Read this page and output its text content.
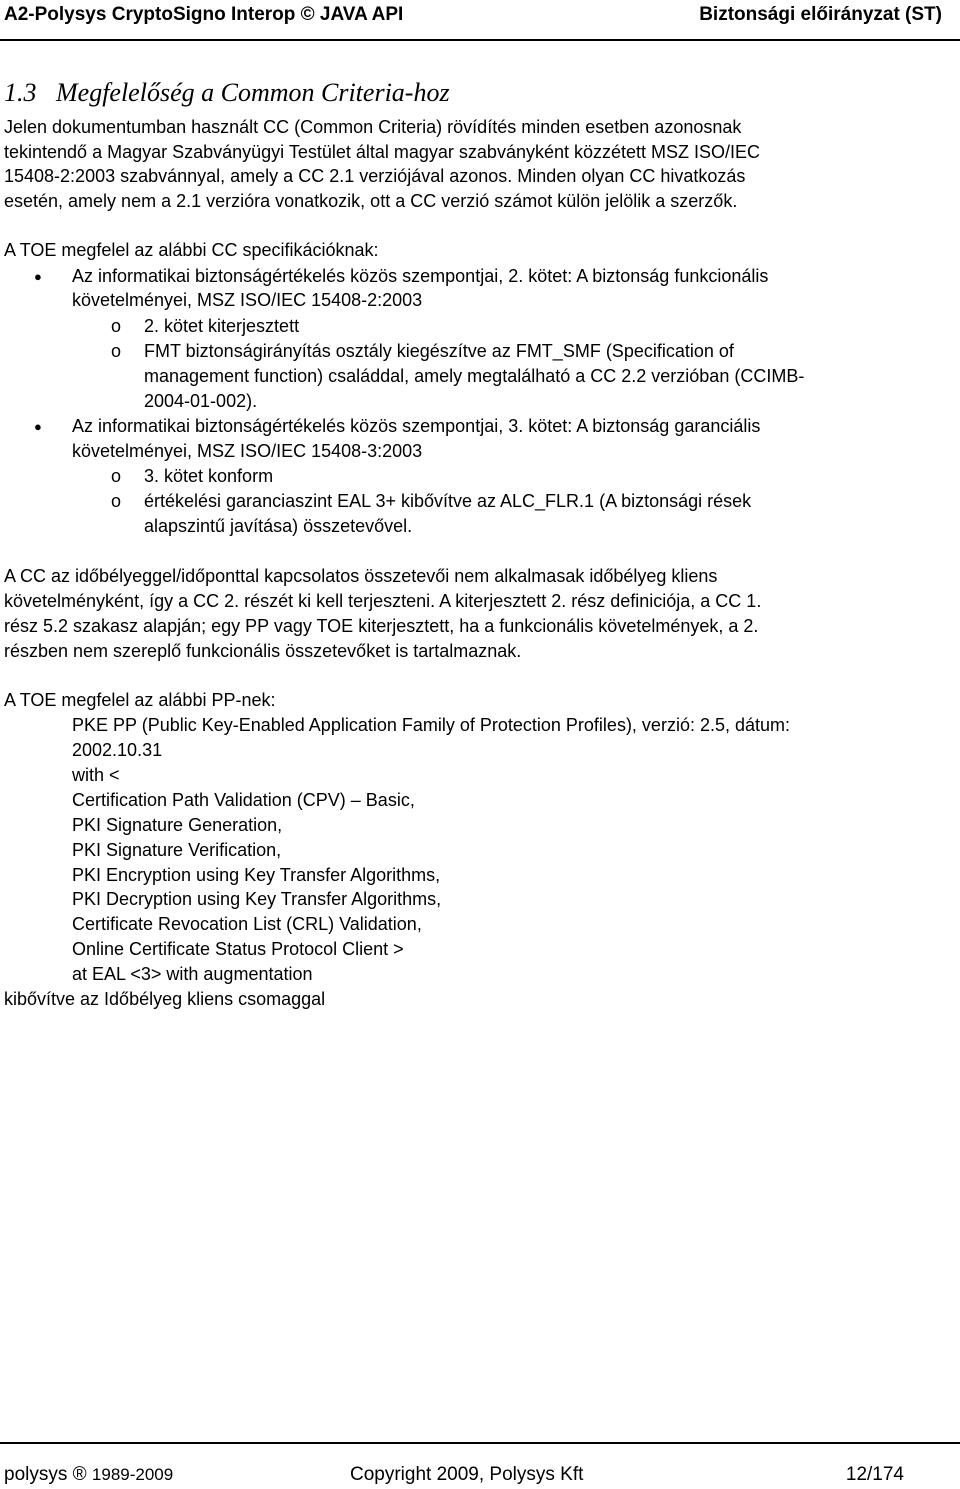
A2-Polysys CryptoSigno Interop © JAVA API	Biztonsági előirányzat (ST)
1.3 Megfelelőség a Common Criteria-hoz
Jelen dokumentumban használt CC (Common Criteria) rövídítés minden esetben azonosnak
tekintendő a Magyar Szabványügyi Testület által magyar szabványként közzétett MSZ ISO/IEC
15408-2:2003 szabvánnyal, amely a CC 2.1 verziójával azonos. Minden olyan CC hivatkozás
esetén, amely nem a 2.1 verzióra vonatkozik, ott a CC verzió számot külön jelölik a szerzők.
A TOE megfelel az alábbi CC specifikációknak:
● Az informatikai biztonságértékelés közös szempontjai, 2. kötet: A biztonság funkcionális
követelményei, MSZ ISO/IEC 15408-2:2003
o 2. kötet kiterjesztett
o FMT biztonságirányítás osztály kiegészítve az FMT_SMF (Specification of
management function) családdal, amely megtalálható a CC 2.2 verzióban (CCIMB-
2004-01-002).
● Az informatikai biztonságértékelés közös szempontjai, 3. kötet: A biztonság garanciális
követelményei, MSZ ISO/IEC 15408-3:2003
o 3. kötet konform
o értékelési garanciaszint EAL 3+ kibővítve az ALC_FLR.1 (A biztonsági rések
alapszintű javítása) összetevővel.
A CC az időbélyeggel/időponttal kapcsolatos összetevői nem alkalmasak időbélyeg kliens
követelményként, így a CC 2. részét ki kell terjeszteni. A kiterjesztett 2. rész definiciója, a CC 1.
rész 5.2 szakasz alapján; egy PP vagy TOE kiterjesztett, ha a funkcionális követelmények, a 2.
részben nem szereplő funkcionális összetevőket is tartalmaznak.
A TOE megfelel az alábbi PP-nek:
PKE PP (Public Key-Enabled Application Family of Protection Profiles), verzió: 2.5, dátum:
2002.10.31
with <
Certification Path Validation (CPV) – Basic,
PKI Signature Generation,
PKI Signature Verification,
PKI Encryption using Key Transfer Algorithms,
PKI Decryption using Key Transfer Algorithms,
Certificate Revocation List (CRL) Validation,
Online Certificate Status Protocol Client >
at EAL <3> with augmentation
kibővítve az Időbélyeg kliens csomaggal
polysys ® 1989-2009	Copyright 2009, Polysys Kft	12/174
